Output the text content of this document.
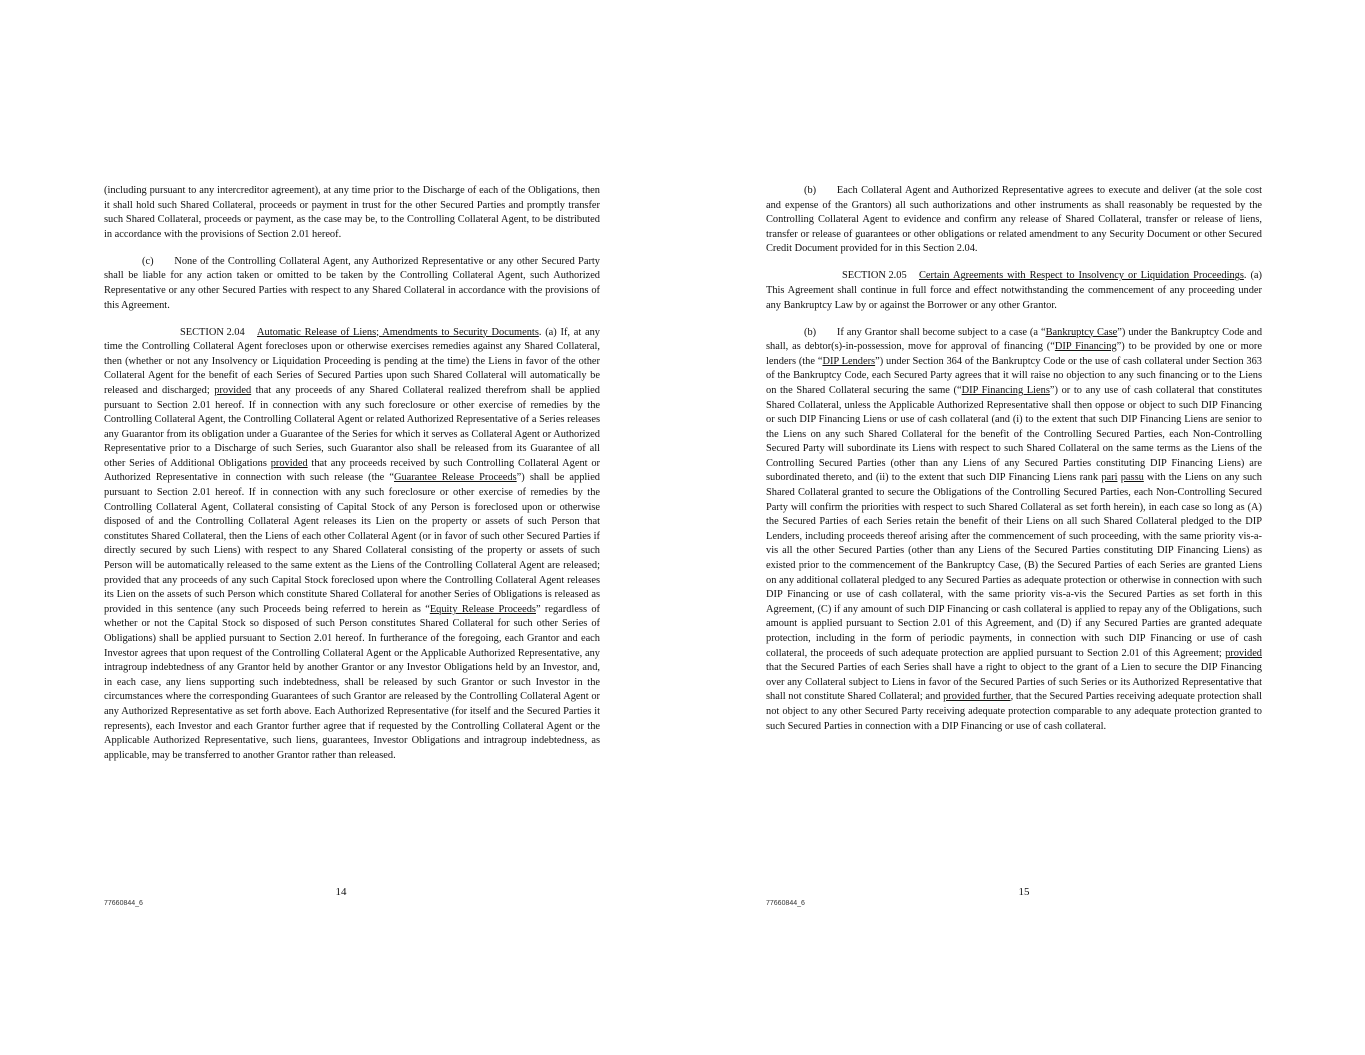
(including pursuant to any intercreditor agreement), at any time prior to the Discharge of each of the Obligations, then it shall hold such Shared Collateral, proceeds or payment in trust for the other Secured Parties and promptly transfer such Shared Collateral, proceeds or payment, as the case may be, to the Controlling Collateral Agent, to be distributed in accordance with the provisions of Section 2.01 hereof.

(c)  None of the Controlling Collateral Agent, any Authorized Representative or any other Secured Party shall be liable for any action taken or omitted to be taken by the Controlling Collateral Agent, such Authorized Representative or any other Secured Parties with respect to any Shared Collateral in accordance with the provisions of this Agreement.

SECTION 2.04 Automatic Release of Liens; Amendments to Security Documents. (a) If, at any time the Controlling Collateral Agent forecloses upon or otherwise exercises remedies against any Shared Collateral, then (whether or not any Insolvency or Liquidation Proceeding is pending at the time) the Liens in favor of the other Collateral Agent for the benefit of each Series of Secured Parties upon such Shared Collateral will automatically be released and discharged; provided that any proceeds of any Shared Collateral realized therefrom shall be applied pursuant to Section 2.01 hereof. If in connection with any such foreclosure or other exercise of remedies by the Controlling Collateral Agent, the Controlling Collateral Agent or related Authorized Representative of a Series releases any Guarantor from its obligation under a Guarantee of the Series for which it serves as Collateral Agent or Authorized Representative prior to a Discharge of such Series, such Guarantor also shall be released from its Guarantee of all other Series of Additional Obligations provided that any proceeds received by such Controlling Collateral Agent or Authorized Representative in connection with such release (the “Guarantee Release Proceeds”) shall be applied pursuant to Section 2.01 hereof. If in connection with any such foreclosure or other exercise of remedies by the Controlling Collateral Agent, Collateral consisting of Capital Stock of any Person is foreclosed upon or otherwise disposed of and the Controlling Collateral Agent releases its Lien on the property or assets of such Person that constitutes Shared Collateral, then the Liens of each other Collateral Agent (or in favor of such other Secured Parties if directly secured by such Liens) with respect to any Shared Collateral consisting of the property or assets of such Person will be automatically released to the same extent as the Liens of the Controlling Collateral Agent are released; provided that any proceeds of any such Capital Stock foreclosed upon where the Controlling Collateral Agent releases its Lien on the assets of such Person which constitute Shared Collateral for another Series of Obligations is released as provided in this sentence (any such Proceeds being referred to herein as “Equity Release Proceeds” regardless of whether or not the Capital Stock so disposed of such Person constitutes Shared Collateral for such other Series of Obligations) shall be applied pursuant to Section 2.01 hereof. In furtherance of the foregoing, each Grantor and each Investor agrees that upon request of the Controlling Collateral Agent or the Applicable Authorized Representative, any intragroup indebtedness of any Grantor held by another Grantor or any Investor Obligations held by an Investor, and, in each case, any liens supporting such indebtedness, shall be released by such Grantor or such Investor in the circumstances where the corresponding Guarantees of such Grantor are released by the Controlling Collateral Agent or any Authorized Representative as set forth above. Each Authorized Representative (for itself and the Secured Parties it represents), each Investor and each Grantor further agree that if requested by the Controlling Collateral Agent or the Applicable Authorized Representative, such liens, guarantees, Investor Obligations and intragroup indebtedness, as applicable, may be transferred to another Grantor rather than released.

14
77660844_6

(b)  Each Collateral Agent and Authorized Representative agrees to execute and deliver (at the sole cost and expense of the Grantors) all such authorizations and other instruments as shall reasonably be requested by the Controlling Collateral Agent to evidence and confirm any release of Shared Collateral, transfer or release of liens, transfer or release of guarantees or other obligations or related amendment to any Security Document or other Secured Credit Document provided for in this Section 2.04.

SECTION 2.05 Certain Agreements with Respect to Insolvency or Liquidation Proceedings. (a) This Agreement shall continue in full force and effect notwithstanding the commencement of any proceeding under any Bankruptcy Law by or against the Borrower or any other Grantor.

(b)  If any Grantor shall become subject to a case (a “Bankruptcy Case”) under the Bankruptcy Code and shall, as debtor(s)-in-possession, move for approval of financing (“DIP Financing”) to be provided by one or more lenders (the “DIP Lenders”) under Section 364 of the Bankruptcy Code or the use of cash collateral under Section 363 of the Bankruptcy Code, each Secured Party agrees that it will raise no objection to any such financing or to the Liens on the Shared Collateral securing the same (“DIP Financing Liens”) or to any use of cash collateral that constitutes Shared Collateral, unless the Applicable Authorized Representative shall then oppose or object to such DIP Financing or such DIP Financing Liens or use of cash collateral (and (i) to the extent that such DIP Financing Liens are senior to the Liens on any such Shared Collateral for the benefit of the Controlling Secured Parties, each Non-Controlling Secured Party will subordinate its Liens with respect to such Shared Collateral on the same terms as the Liens of the Controlling Secured Parties (other than any Liens of any Secured Parties constituting DIP Financing Liens) are subordinated thereto, and (ii) to the extent that such DIP Financing Liens rank pari passu with the Liens on any such Shared Collateral granted to secure the Obligations of the Controlling Secured Parties, each Non-Controlling Secured Party will confirm the priorities with respect to such Shared Collateral as set forth herein), in each case so long as (A) the Secured Parties of each Series retain the benefit of their Liens on all such Shared Collateral pledged to the DIP Lenders, including proceeds thereof arising after the commencement of such proceeding, with the same priority vis-a-vis all the other Secured Parties (other than any Liens of the Secured Parties constituting DIP Financing Liens) as existed prior to the commencement of the Bankruptcy Case, (B) the Secured Parties of each Series are granted Liens on any additional collateral pledged to any Secured Parties as adequate protection or otherwise in connection with such DIP Financing or use of cash collateral, with the same priority vis-a-vis the Secured Parties as set forth in this Agreement, (C) if any amount of such DIP Financing or cash collateral is applied to repay any of the Obligations, such amount is applied pursuant to Section 2.01 of this Agreement, and (D) if any Secured Parties are granted adequate protection, including in the form of periodic payments, in connection with such DIP Financing or use of cash collateral, the proceeds of such adequate protection are applied pursuant to Section 2.01 of this Agreement; provided that the Secured Parties of each Series shall have a right to object to the grant of a Lien to secure the DIP Financing over any Collateral subject to Liens in favor of the Secured Parties of such Series or its Authorized Representative that shall not constitute Shared Collateral; and provided further, that the Secured Parties receiving adequate protection shall not object to any other Secured Party receiving adequate protection comparable to any adequate protection granted to such Secured Parties in connection with a DIP Financing or use of cash collateral.

15
77660844_6
